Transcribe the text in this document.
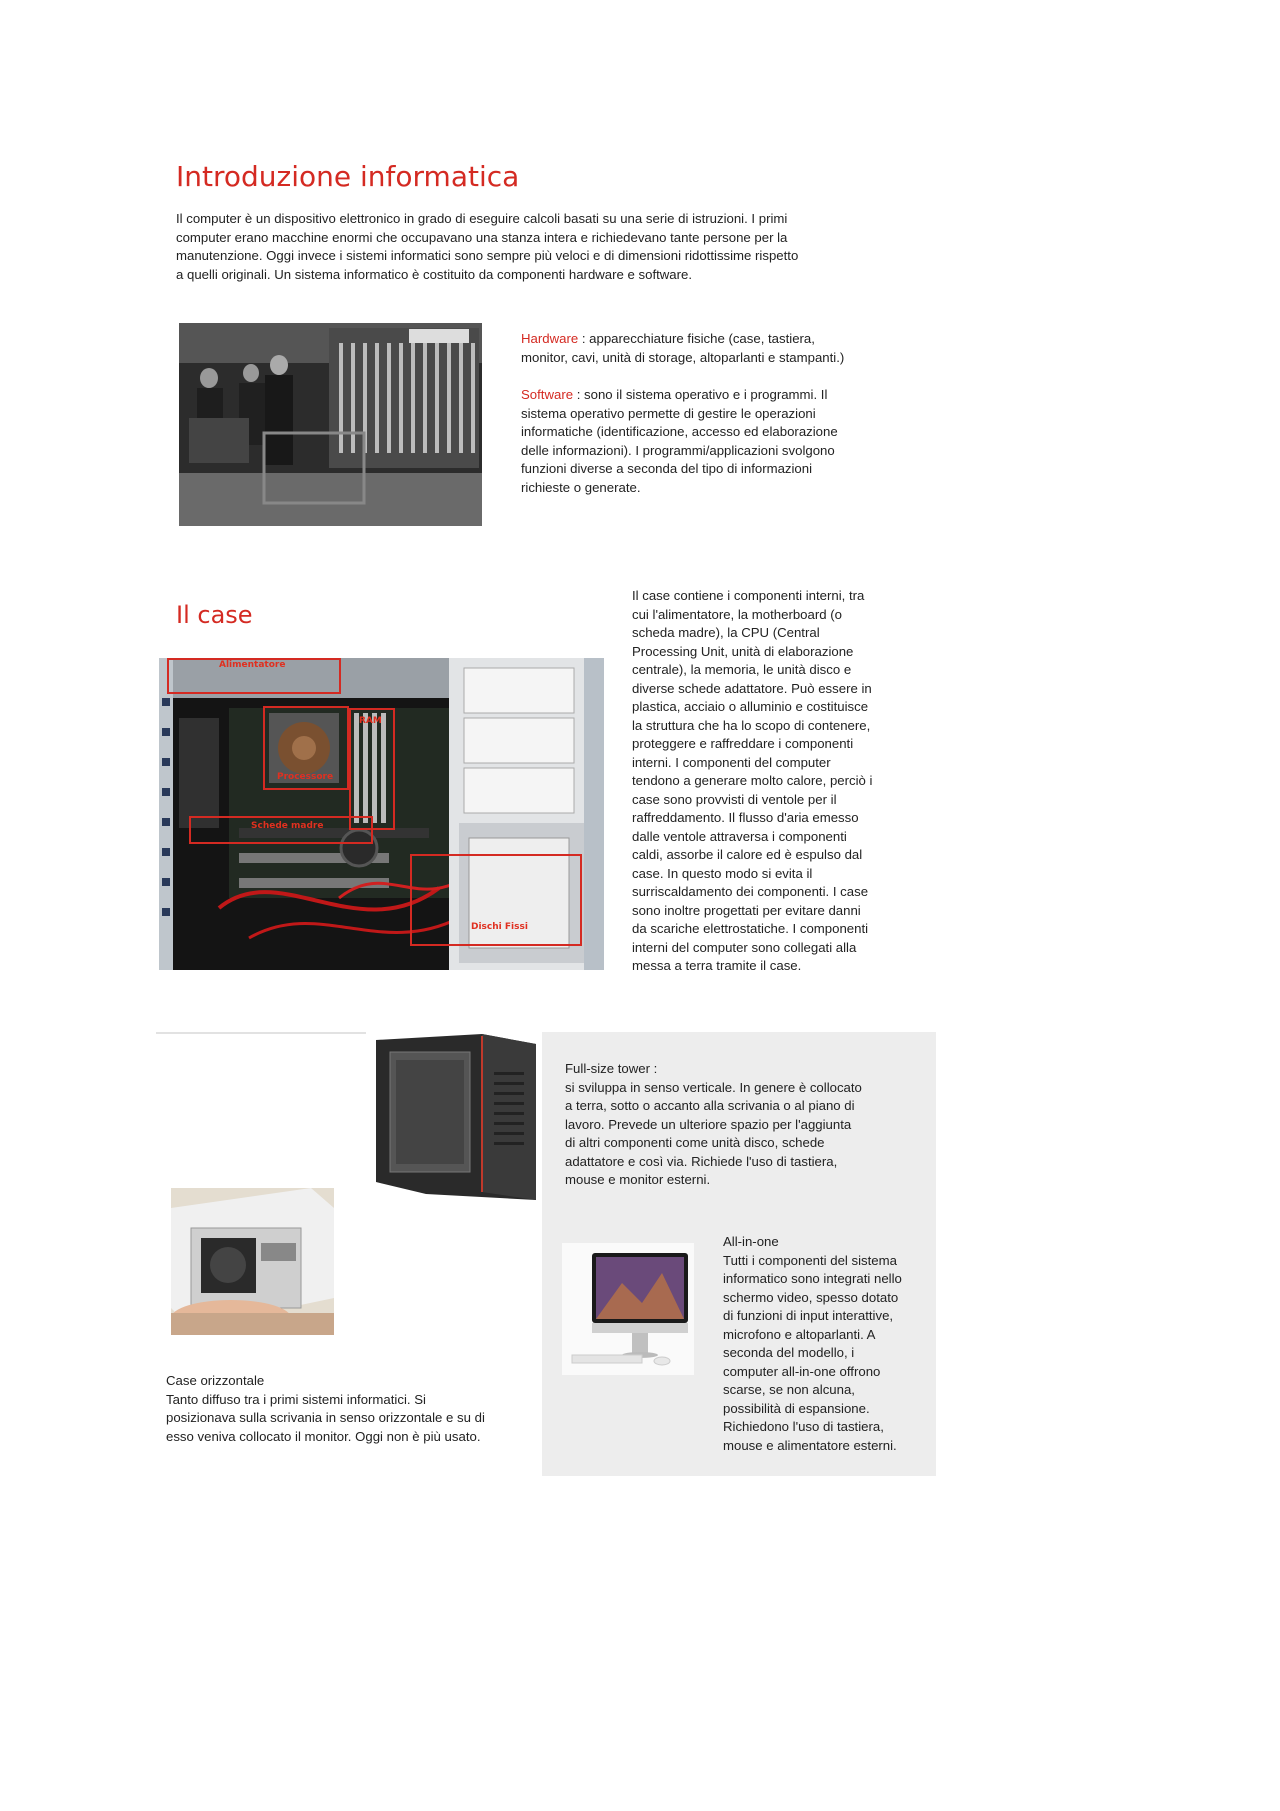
Introduzione informatica

Il computer è un dispositivo elettronico in grado di eseguire calcoli basati su una serie di istruzioni. I primi

computer erano macchine enormi che occupavano una stanza intera e richiedevano tante persone per la

manutenzione. Oggi invece i sistemi informatici sono sempre più veloci e di dimensioni ridottissime rispetto

a quelli originali. Un sistema informatico è costituito da componenti hardware e software.

Hardware : apparecchiature fisiche (case, tastiera,

monitor, cavi, unità di storage, altoparlanti e stampanti.)

Software : sono il sistema operativo e i programmi. Il

sistema operativo permette di gestire le operazioni

informatiche (identificazione, accesso ed elaborazione

delle informazioni). I programmi/applicazioni svolgono

funzioni diverse a seconda del tipo di informazioni

richieste o generate.

Il case
Alimentatore
Processore
RAM
Schede madre
Dischi Fissi

Il case contiene i componenti interni, tra

cui l'alimentatore, la motherboard (o

scheda madre), la CPU (Central

Processing Unit, unità di elaborazione

centrale), la memoria, le unità disco e

diverse schede adattatore. Può essere in

plastica, acciaio o alluminio e costituisce

la struttura che ha lo scopo di contenere,

proteggere e raffreddare i componenti

interni. I componenti del computer

tendono a generare molto calore, perciò i

case sono provvisti di ventole per il

raffreddamento. Il flusso d'aria emesso

dalle ventole attraversa i componenti

caldi, assorbe il calore ed è espulso dal

case. In questo modo si evita il

surriscaldamento dei componenti. I case

sono inoltre progettati per evitare danni

da scariche elettrostatiche. I componenti

interni del computer sono collegati alla

messa a terra tramite il case.

Full-size tower :

si sviluppa in senso verticale. In genere è collocato

a terra, sotto o accanto alla scrivania o al piano di

lavoro. Prevede un ulteriore spazio per l'aggiunta

di altri componenti come unità disco, schede

adattatore e così via. Richiede l'uso di tastiera,

mouse e monitor esterni.

Case orizzontale

Tanto diffuso tra i primi sistemi informatici. Si

posizionava sulla scrivania in senso orizzontale e su di

esso veniva collocato il monitor. Oggi non è più usato.

All-in-one

Tutti i componenti del sistema

informatico sono integrati nello

schermo video, spesso dotato

di funzioni di input interattive,

microfono e altoparlanti. A

seconda del modello, i

computer all-in-one offrono

scarse, se non alcuna,

possibilità di espansione.

Richiedono l'uso di tastiera,

mouse e alimentatore esterni.
